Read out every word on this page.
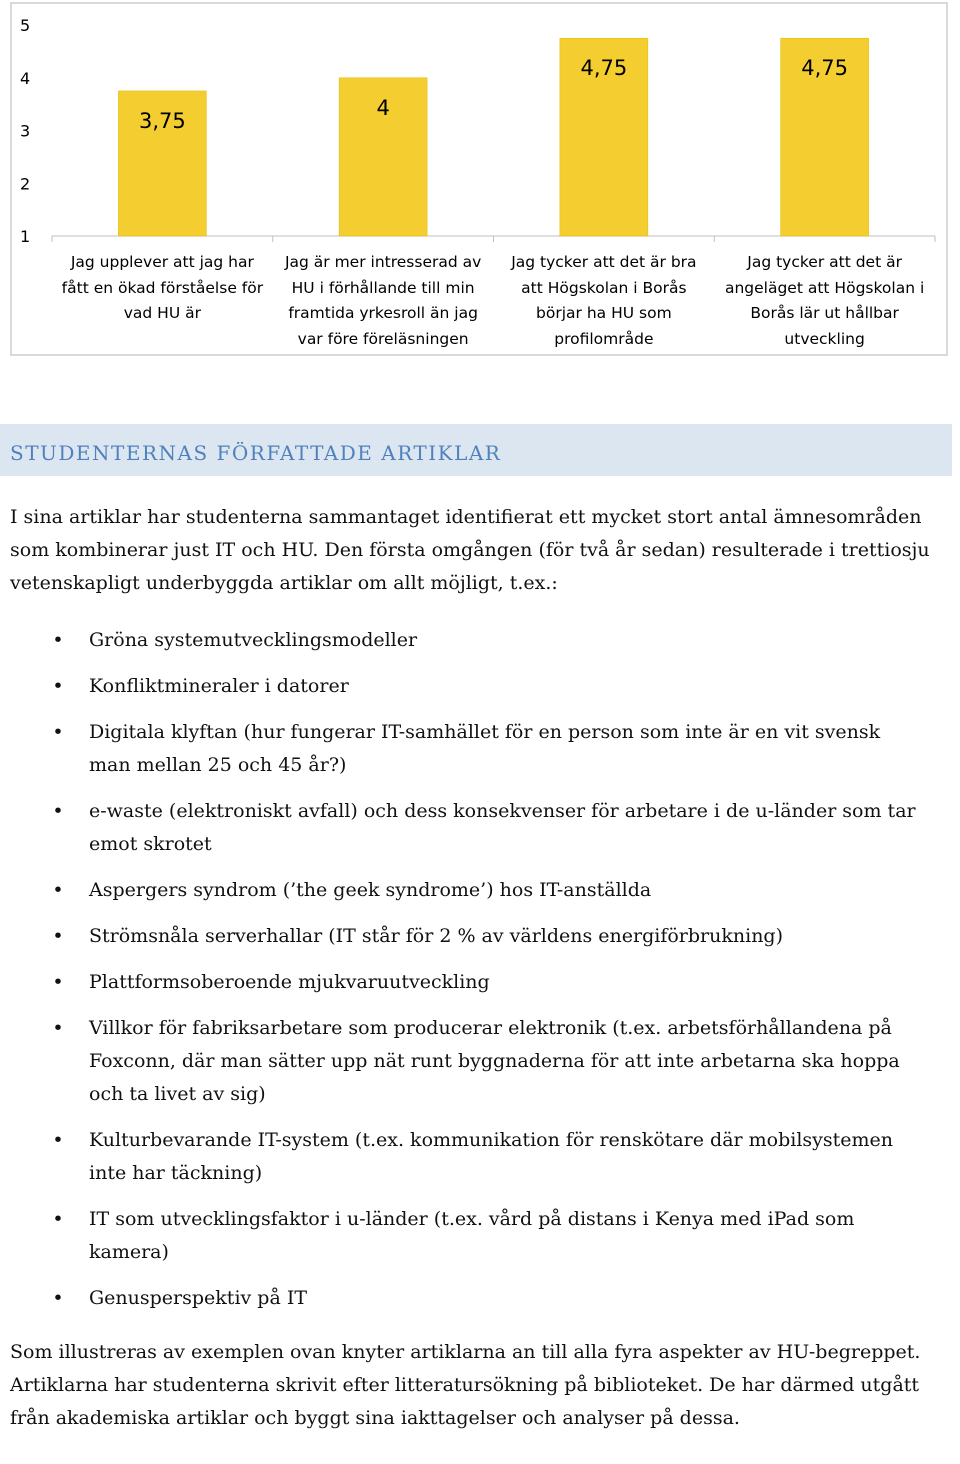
1
2
3
4
5
3,75
4
4,75	4,75
Jag upplever att jag har
fått en ökad förståelse för
vad HU är
Jag är mer intresserad av
HU i förhållande till min
framtida yrkesroll än jag
var före föreläsningen
Jag tycker att det är bra
att Högskolan i Borås
börjar ha HU som
profilområde
Jag tycker att det är
angeläget att Högskolan i
Borås lär ut hållbar
utveckling
STUDENTERNAS FÖRFATTADE ARTIKLAR
I sina artiklar har studenterna sammantaget identifierat ett mycket stort antal ämnesområden som kombinerar just IT och HU. Den första omgången (för två år sedan) resulterade i trettiosju vetenskapligt underbyggda artiklar om allt möjligt, t.ex.:
• Gröna systemutvecklingsmodeller
• Konfliktmineraler i datorer
• Digitala klyftan (hur fungerar IT-samhället för en person som inte är en vit svensk man mellan 25 och 45 år?)
• e-waste (elektroniskt avfall) och dess konsekvenser för arbetare i de u-länder som tar emot skrotet
• Aspergers syndrom (’the geek syndrome’) hos IT-anställda
• Strömsnåla serverhallar (IT står för 2 % av världens energiförbrukning)
• Plattformsoberoende mjukvaruutveckling
• Villkor för fabriksarbetare som producerar elektronik (t.ex. arbetsförhållandena på Foxconn, där man sätter upp nät runt byggnaderna för att inte arbetarna ska hoppa och ta livet av sig)
• Kulturbevarande IT-system (t.ex. kommunikation för renskötare där mobilsystemen inte har täckning)
• IT som utvecklingsfaktor i u-länder (t.ex. vård på distans i Kenya med iPad som kamera)
• Genusperspektiv på IT
Som illustreras av exemplen ovan knyter artiklarna an till alla fyra aspekter av HU-begreppet. Artiklarna har studenterna skrivit efter litteratursökning på biblioteket. De har därmed utgått från akademiska artiklar och byggt sina iakttagelser och analyser på dessa.
